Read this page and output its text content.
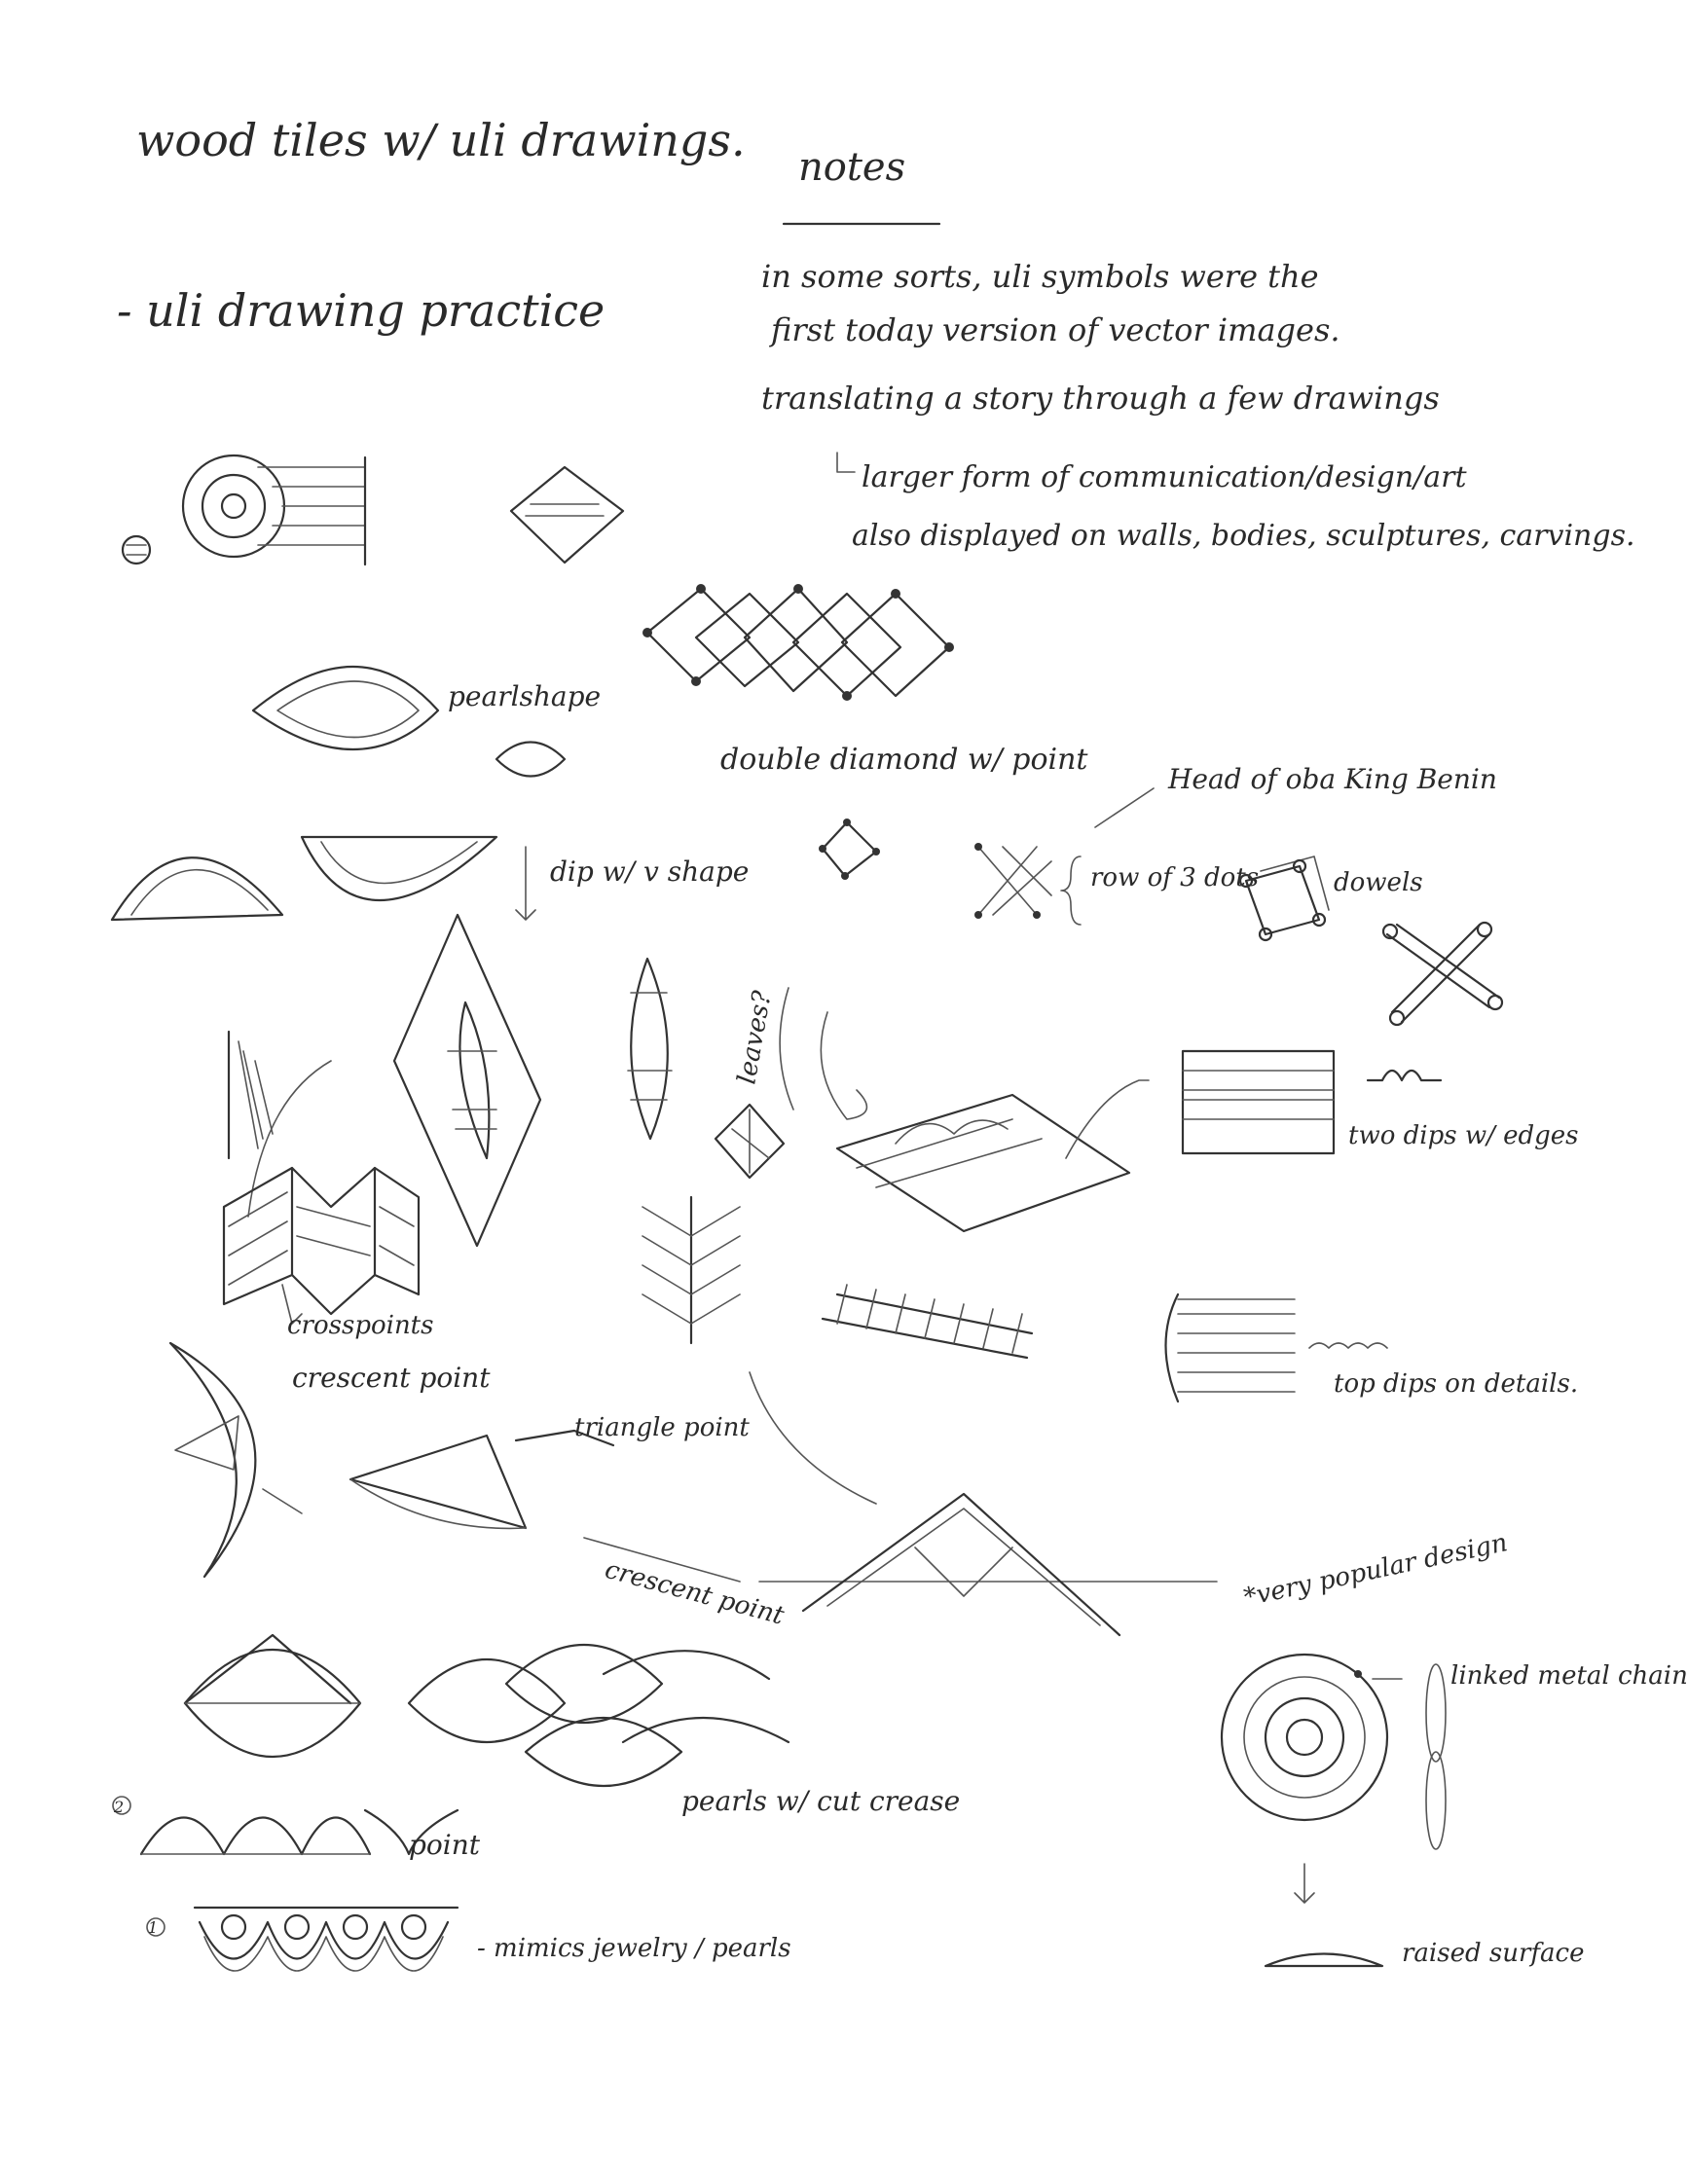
wood tiles w/ uli drawings.
- uli drawing practice
notes
in some sorts, uli symbols were the
first today version of vector images.
translating a story through a few drawings
larger form of communication/design/art
also displayed on walls, bodies, sculptures, carvings.
double diamond w/ point
pearlshape
Head of oba King Benin
dip w/ v shape	row of 3 dots	dowels
crosspoints
leaves?
two dips w/ edges
top dips on details.
crescent point
triangle point
crescent point	*very popular design
linked metal chain
raised surface
pearls w/ cut crease
2
point
1
- mimics jewelry / pearls
